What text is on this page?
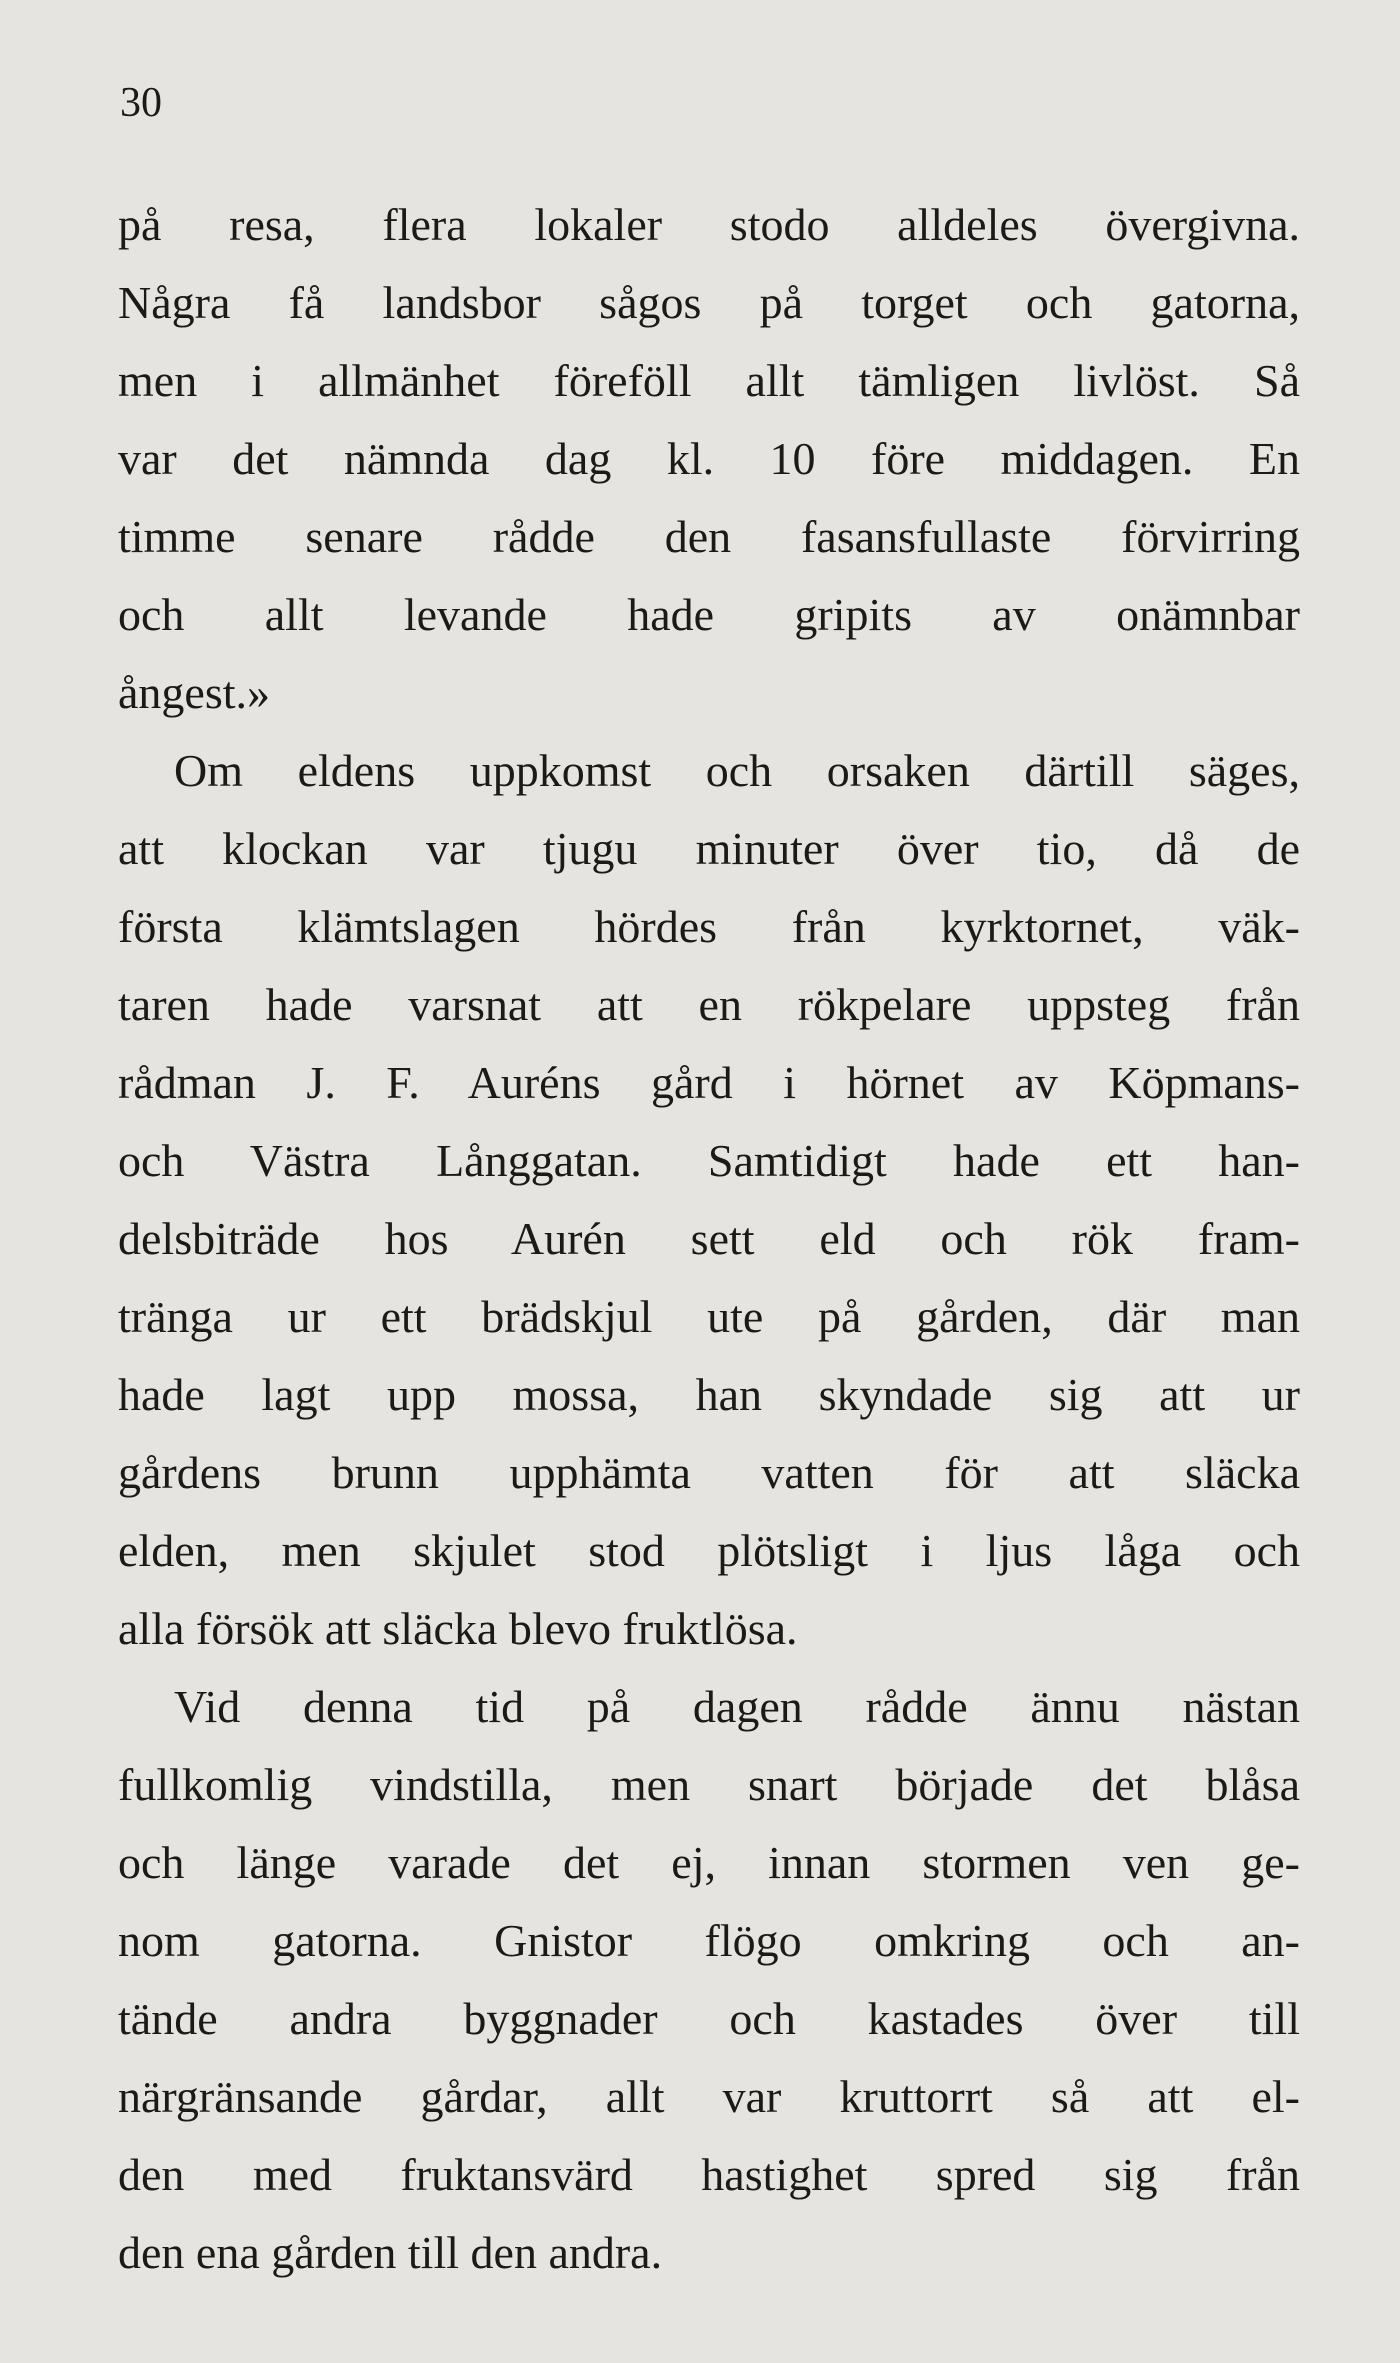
30
på resa, flera lokaler stodo alldeles övergivna.
Några få landsbor sågos på torget och gatorna,
men i allmänhet föreföll allt tämligen livlöst. Så
var det nämnda dag kl. 10 före middagen. En
timme senare rådde den fasansfullaste förvirring
och allt levande hade gripits av onämnbar
ångest.»
Om eldens uppkomst och orsaken därtill säges,
att klockan var tjugu minuter över tio, då de
första klämtslagen hördes från kyrktornet, väk-
taren hade varsnat att en rökpelare uppsteg från
rådman J. F. Auréns gård i hörnet av Köpmans-
och Västra Långgatan. Samtidigt hade ett han-
delsbiträde hos Aurén sett eld och rök fram-
tränga ur ett brädskjul ute på gården, där man
hade lagt upp mossa, han skyndade sig att ur
gårdens brunn upphämta vatten för att släcka
elden, men skjulet stod plötsligt i ljus låga och
alla försök att släcka blevo fruktlösa.
Vid denna tid på dagen rådde ännu nästan
fullkomlig vindstilla, men snart började det blåsa
och länge varade det ej, innan stormen ven ge-
nom gatorna. Gnistor flögo omkring och an-
tände andra byggnader och kastades över till
närgränsande gårdar, allt var kruttorrt så att el-
den med fruktansvärd hastighet spred sig från
den ena gården till den andra.
